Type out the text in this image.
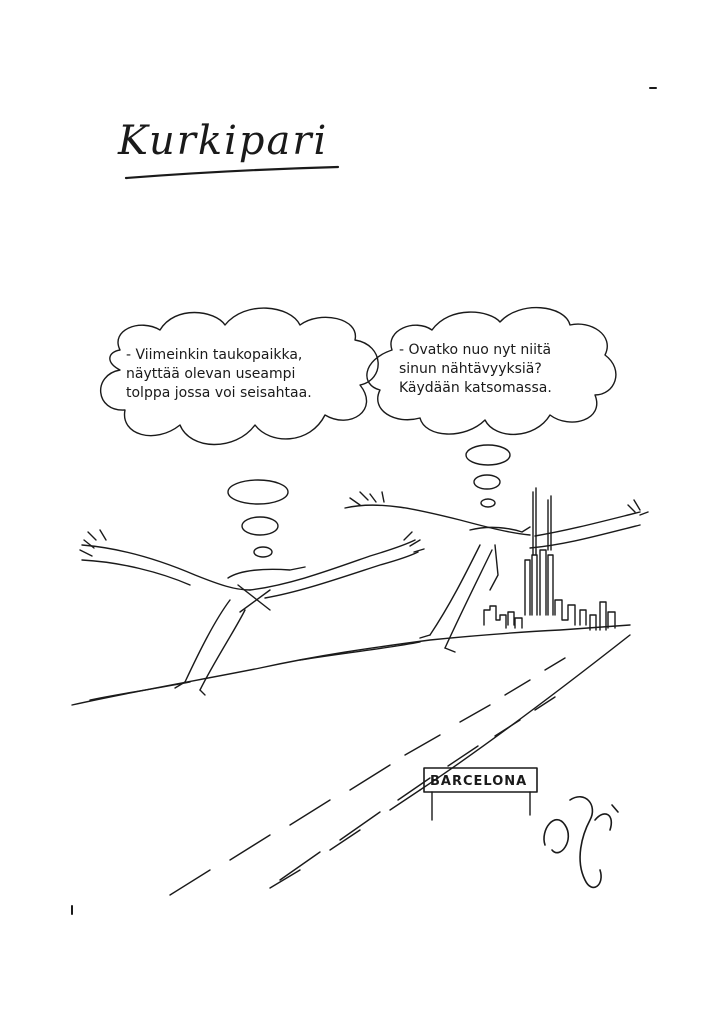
Kurkipari
- Viimeinkin taukopaikka,
näyttää olevan useampi
tolppa jossa voi seisahtaa.
- Ovatko nuo nyt niitä
sinun nähtävyyksiä?
Käydään katsomassa.
BARCELONA
